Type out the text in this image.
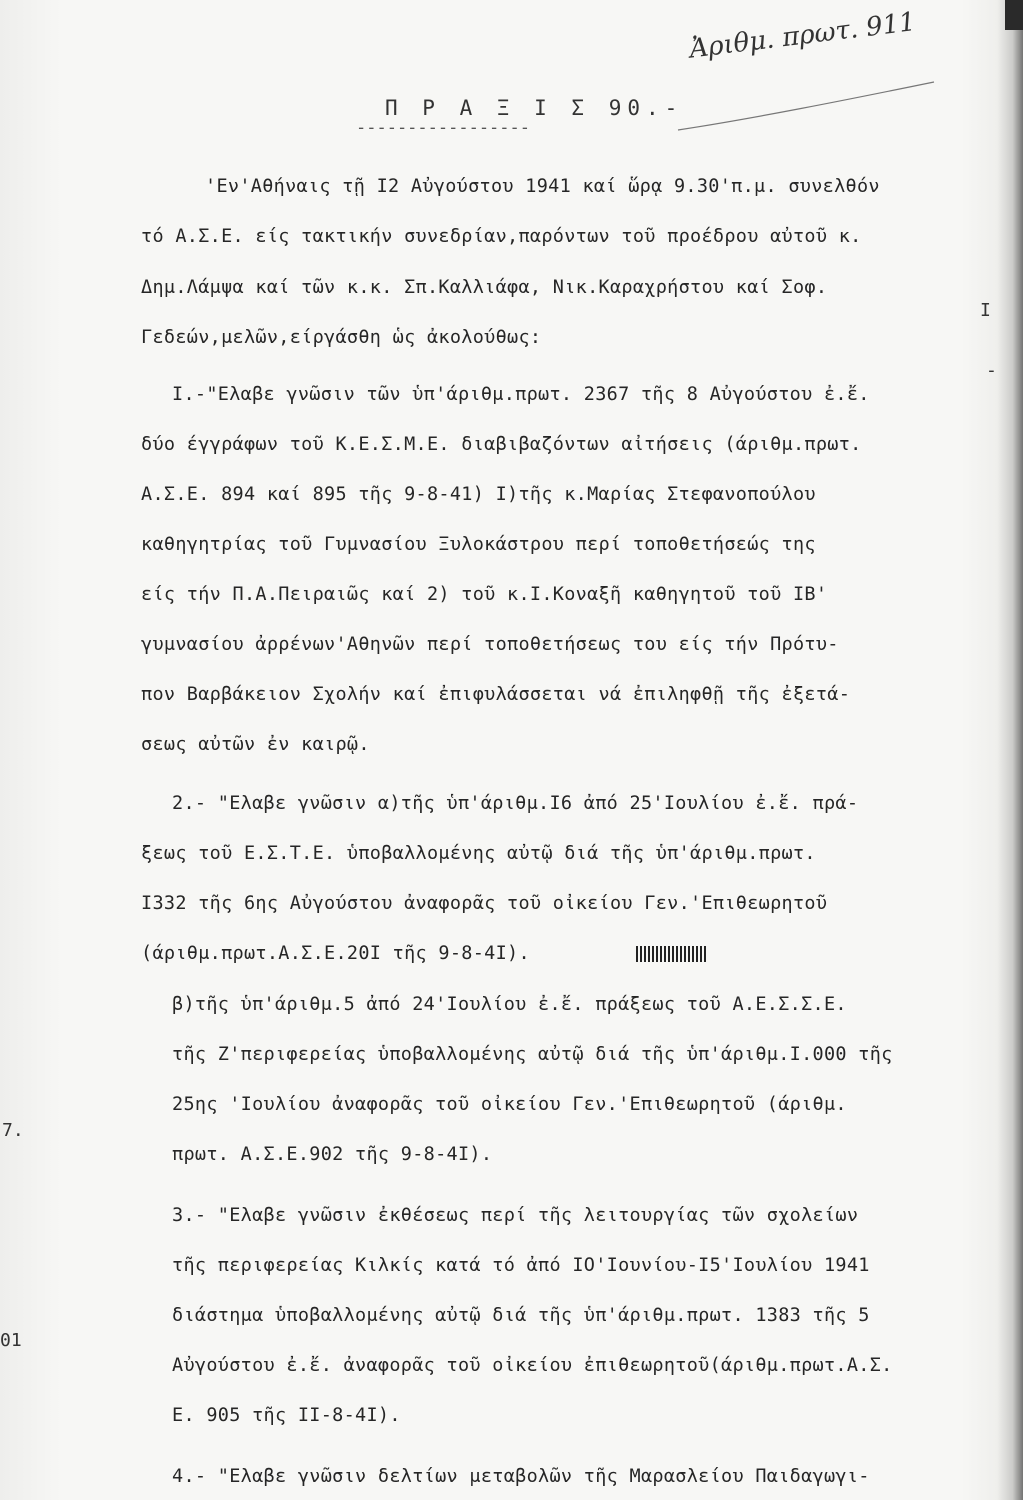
Ἀριθμ. πρωτ. 911
Π Ρ Α Ξ Ι Σ 90.-
-----------------
'Εν'Αθήναις τῇ Ι2 Αὐγούστου 1941 καί ὥρᾳ 9.30'π.μ. συνελθόν
τό Α.Σ.Ε. είς τακτικήν συνεδρίαν,παρόντων τοῦ προέδρου αὐτοῦ κ.
Δημ.Λάμψα καί τῶν κ.κ. Σπ.Καλλιάφα, Νικ.Καραχρήστου καί Σοφ.
Γεδεών,μελῶν,είργάσθη ὡς ἀκολούθως:
Ι.-"Ελαβε γνῶσιν τῶν ὑπ'άριθμ.πρωτ. 2367 τῆς 8 Αὐγούστου ἐ.ἔ.
δύο έγγράφων τοῦ Κ.Ε.Σ.Μ.Ε. διαβιβαζόντων αἰτήσεις (άριθμ.πρωτ.
Α.Σ.Ε. 894 καί 895 τῆς 9-8-41) Ι)τῆς κ.Μαρίας Στεφανοπούλου
καθηγητρίας τοῦ Γυμνασίου Ξυλοκάστρου περί τοποθετήσεώς της
είς τήν Π.Α.Πειραιῶς καί 2) τοῦ κ.Ι.Κοναξῆ καθηγητοῦ τοῦ ΙΒ'
γυμνασίου ἀρρένων'Αθηνῶν περί τοποθετήσεως του είς τήν Πρότυ-
πον Βαρβάκειον Σχολήν καί ἐπιφυλάσσεται νά ἐπιληφθῇ τῆς ἐξετά-
σεως αὐτῶν ἐν καιρῷ.
2.- "Ελαβε γνῶσιν α)τῆς ὑπ'άριθμ.Ι6 ἀπό 25'Ιουλίου ἐ.ἔ. πρά-
ξεως τοῦ Ε.Σ.Τ.Ε. ὑποβαλλομένης αὐτῷ διά τῆς ὑπ'άριθμ.πρωτ.
Ι332 τῆς 6ης Αὐγούστου ἀναφορᾶς τοῦ οἰκείου Γεν.'Επιθεωρητοῦ
(άριθμ.πρωτ.Α.Σ.Ε.20Ι τῆς 9-8-4Ι).
β)τῆς ὑπ'άριθμ.5 ἀπό 24'Ιουλίου ἐ.ἔ. πράξεως τοῦ Α.Ε.Σ.Σ.Ε.
τῆς Ζ'περιφερείας ὑποβαλλομένης αὐτῷ διά τῆς ὑπ'άριθμ.Ι.000 τῆς
25ης 'Ιουλίου ἀναφορᾶς τοῦ οἰκείου Γεν.'Επιθεωρητοῦ (άριθμ.
πρωτ. Α.Σ.Ε.902 τῆς 9-8-4Ι).
3.- "Ελαβε γνῶσιν ἐκθέσεως περί τῆς λειτουργίας τῶν σχολείων
τῆς περιφερείας Κιλκίς κατά τό ἀπό ΙΟ'Ιουνίου-Ι5'Ιουλίου 1941
διάστημα ὑποβαλλομένης αὐτῷ διά τῆς ὑπ'άριθμ.πρωτ. 1383 τῆς 5
Αὐγούστου ἐ.ἔ. ἀναφορᾶς τοῦ οἰκείου ἐπιθεωρητοῦ(άριθμ.πρωτ.Α.Σ.
Ε. 905 τῆς ΙΙ-8-4Ι).
4.- "Ελαβε γνῶσιν δελτίων μεταβολῶν τῆς Μαρασλείου Παιδαγωγι-
I
-
7.
01
